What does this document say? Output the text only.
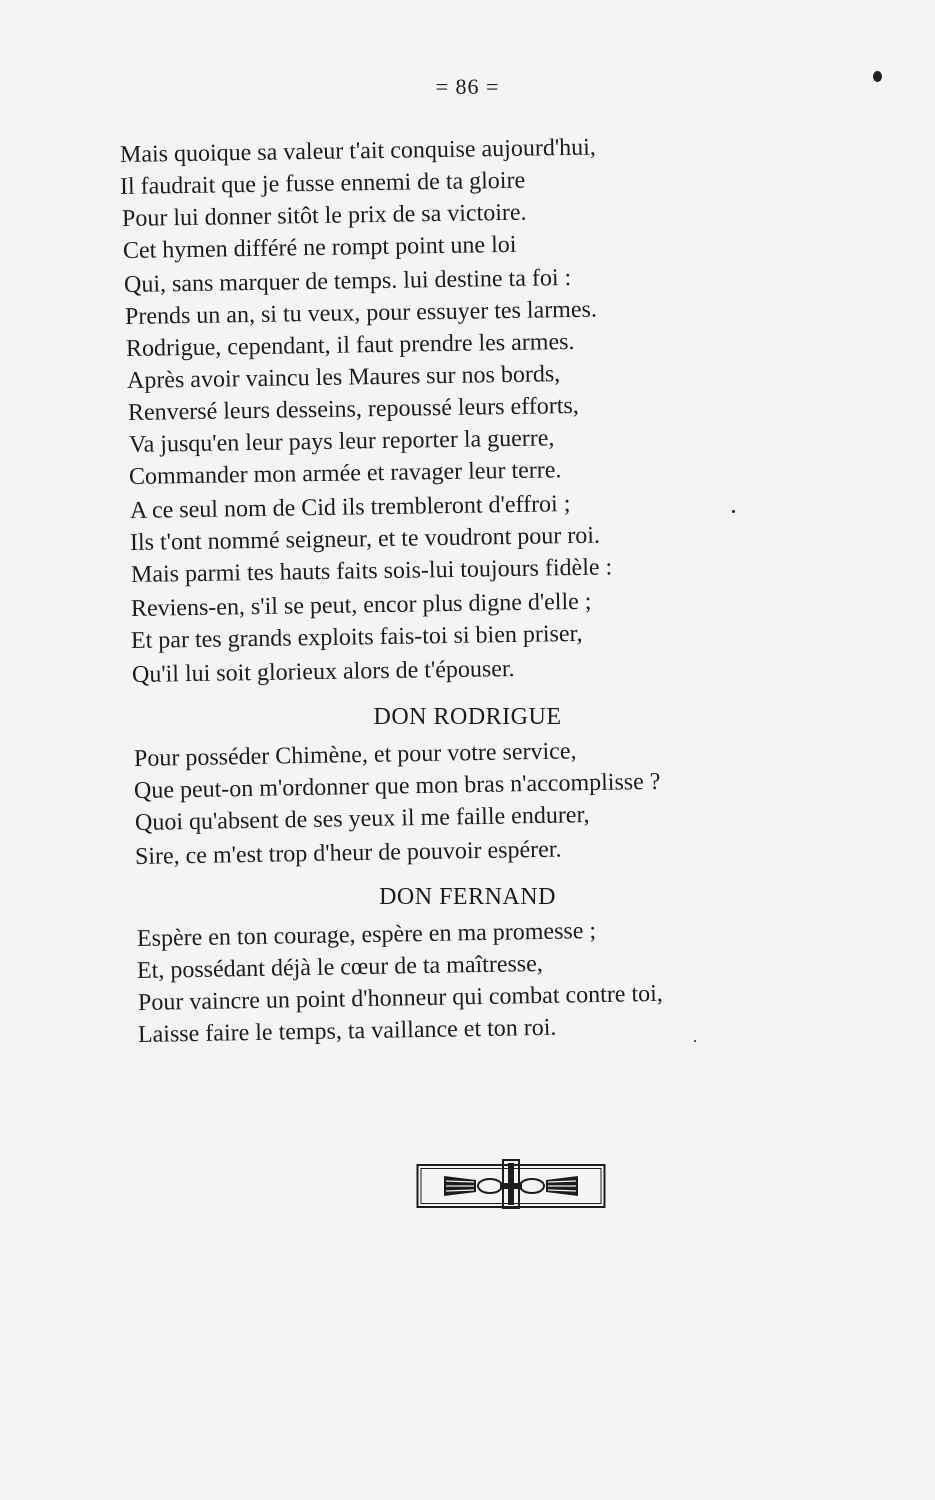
= 86 =
Mais quoique sa valeur t'ait conquise aujourd'hui,
Il faudrait que je fusse ennemi de ta gloire
Pour lui donner sitôt le prix de sa victoire.
Cet hymen différé ne rompt point une loi
Qui, sans marquer de temps. lui destine ta foi :
Prends un an, si tu veux, pour essuyer tes larmes.
Rodrigue, cependant, il faut prendre les armes.
Après avoir vaincu les Maures sur nos bords,
Renversé leurs desseins, repoussé leurs efforts,
Va jusqu'en leur pays leur reporter la guerre,
Commander mon armée et ravager leur terre.
A ce seul nom de Cid ils trembleront d'effroi ;
Ils t'ont nommé seigneur, et te voudront pour roi.
Mais parmi tes hauts faits sois-lui toujours fidèle :
Reviens-en, s'il se peut, encor plus digne d'elle ;
Et par tes grands exploits fais-toi si bien priser,
Qu'il lui soit glorieux alors de t'épouser.
DON RODRIGUE
Pour posséder Chimène, et pour votre service,
Que peut-on m'ordonner que mon bras n'accomplisse ?
Quoi qu'absent de ses yeux il me faille endurer,
Sire, ce m'est trop d'heur de pouvoir espérer.
DON FERNAND
Espère en ton courage, espère en ma promesse ;
Et, possédant déjà le cœur de ta maîtresse,
Pour vaincre un point d'honneur qui combat contre toi,
Laisse faire le temps, ta vaillance et ton roi.
